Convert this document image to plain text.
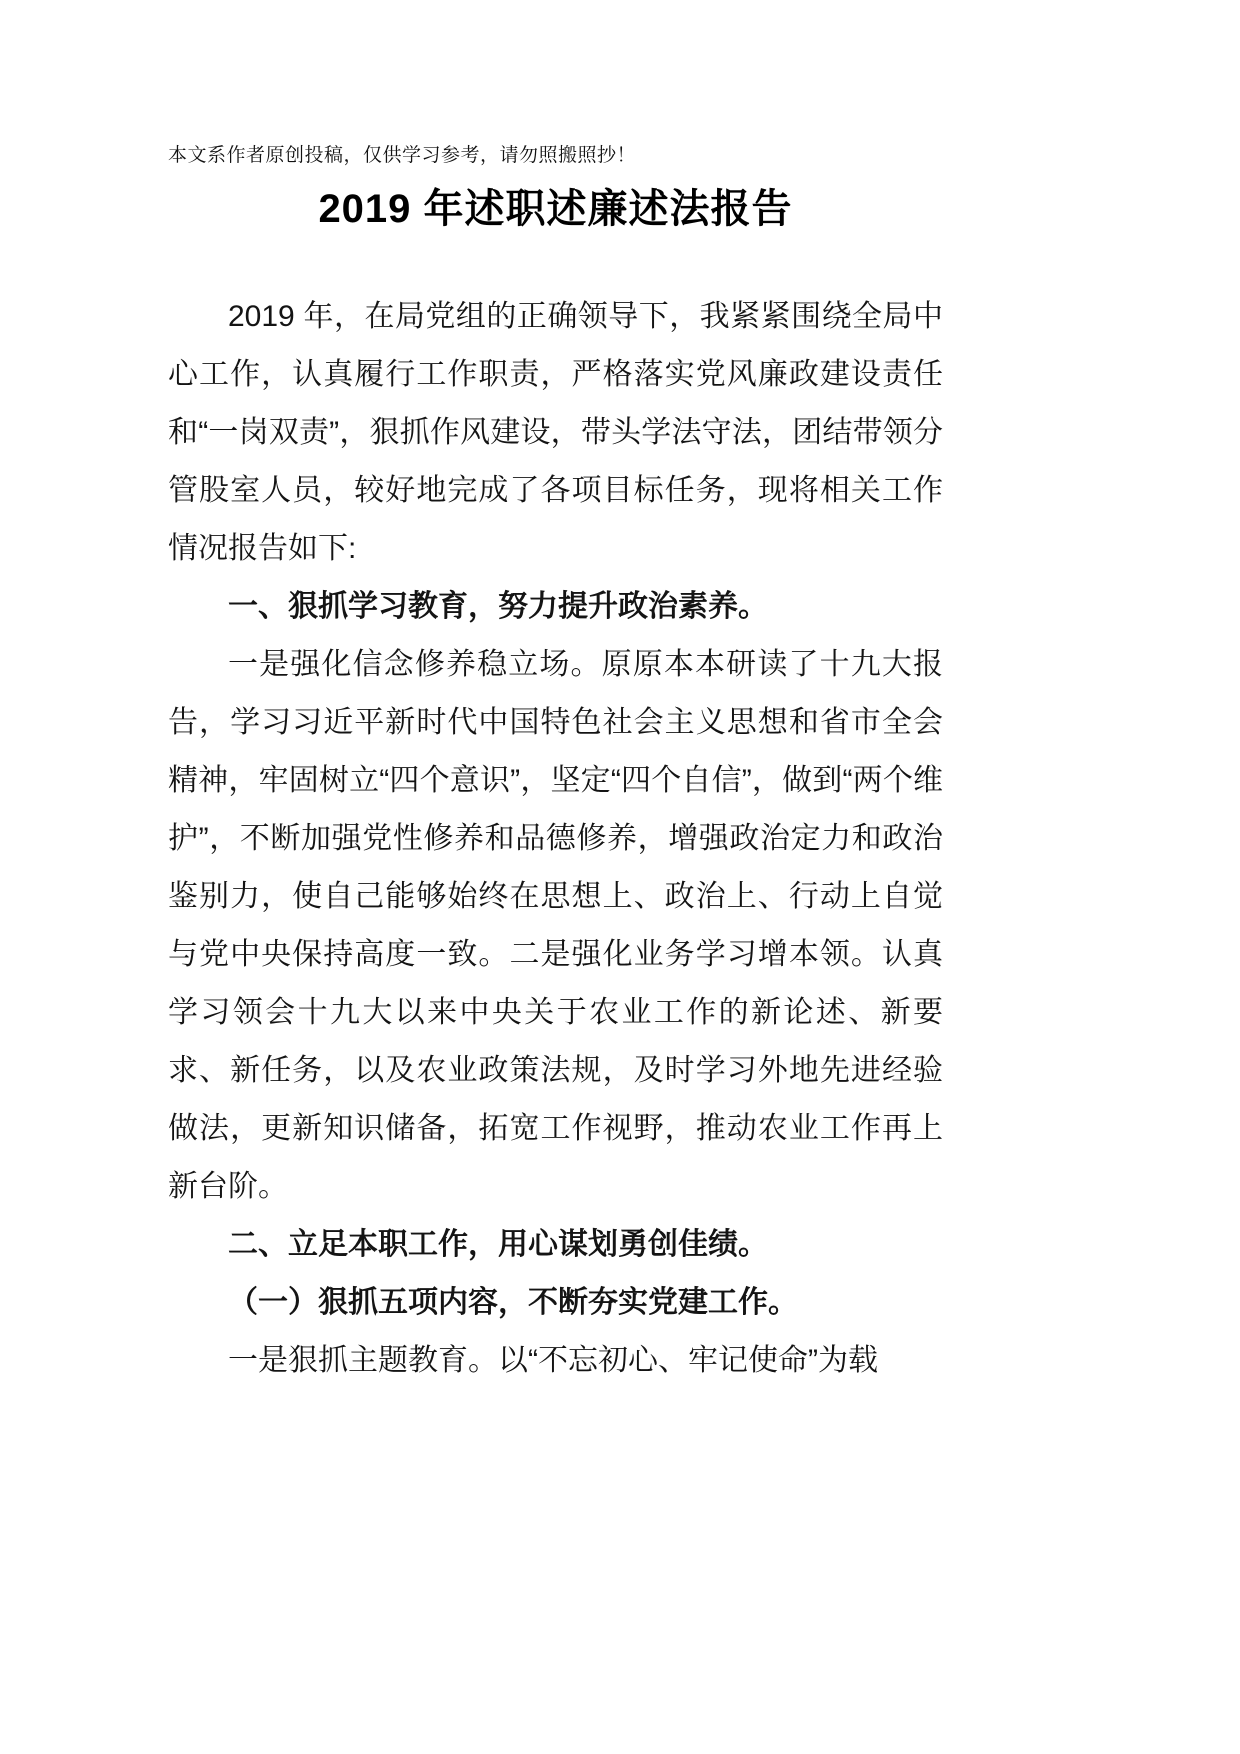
本文系作者原创投稿，仅供学习参考，请勿照搬照抄！

2019 年述职述廉述法报告

2019 年，在局党组的正确领导下，我紧紧围绕全局中心工作，认真履行工作职责，严格落实党风廉政建设责任和“一岗双责”，狠抓作风建设，带头学法守法，团结带领分管股室人员，较好地完成了各项目标任务，现将相关工作情况报告如下:

一、狠抓学习教育，努力提升政治素养。

一是强化信念修养稳立场。原原本本研读了十九大报告，学习习近平新时代中国特色社会主义思想和省市全会精神，牢固树立“四个意识”，坚定“四个自信”，做到“两个维护”，不断加强党性修养和品德修养，增强政治定力和政治鉴别力，使自己能够始终在思想上、政治上、行动上自觉与党中央保持高度一致。二是强化业务学习增本领。认真学习领会十九大以来中央关于农业工作的新论述、新要求、新任务，以及农业政策法规，及时学习外地先进经验做法，更新知识储备，拓宽工作视野，推动农业工作再上新台阶。

二、立足本职工作，用心谋划勇创佳绩。

（一）狠抓五项内容，不断夯实党建工作。

一是狠抓主题教育。以“不忘初心、牢记使命”为载
